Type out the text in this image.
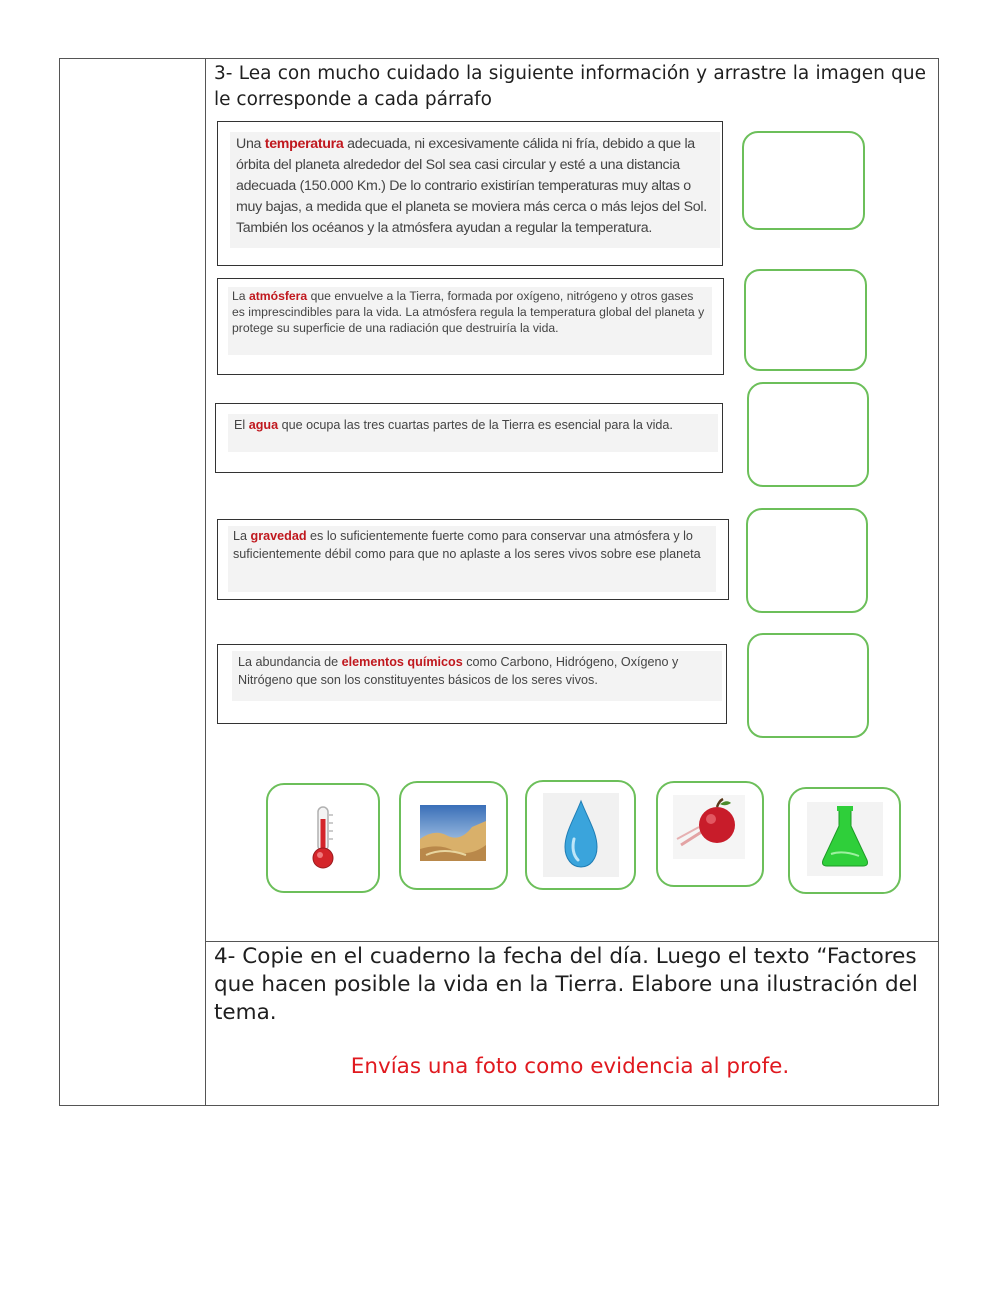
3- Lea con mucho cuidado la siguiente información y arrastre la imagen que le corresponde a cada párrafo
Una temperatura adecuada, ni excesivamente cálida ni fría, debido a que la órbita del planeta alrededor del Sol sea casi circular y esté a una distancia adecuada (150.000 Km.) De lo contrario existirían temperaturas muy altas o muy bajas, a medida que el planeta se moviera más cerca o más lejos del Sol. También los océanos y la atmósfera ayudan a regular la temperatura.
La atmósfera que envuelve a la Tierra, formada por oxígeno, nitrógeno y otros gases es imprescindibles para la vida. La atmósfera regula la temperatura global del planeta y protege su superficie de una radiación que destruiría la vida.
El agua que ocupa las tres cuartas partes de la Tierra es esencial para la vida.
La gravedad es lo suficientemente fuerte como para conservar una atmósfera y lo suficientemente débil como para que no aplaste a los seres vivos sobre ese planeta
La abundancia de elementos químicos como Carbono, Hidrógeno, Oxígeno y Nitrógeno que son los constituyentes básicos de los seres vivos.
4- Copie en el cuaderno la fecha del día. Luego el texto “Factores que hacen posible la vida en la Tierra. Elabore una ilustración del tema.
Envías una foto como evidencia al profe.
